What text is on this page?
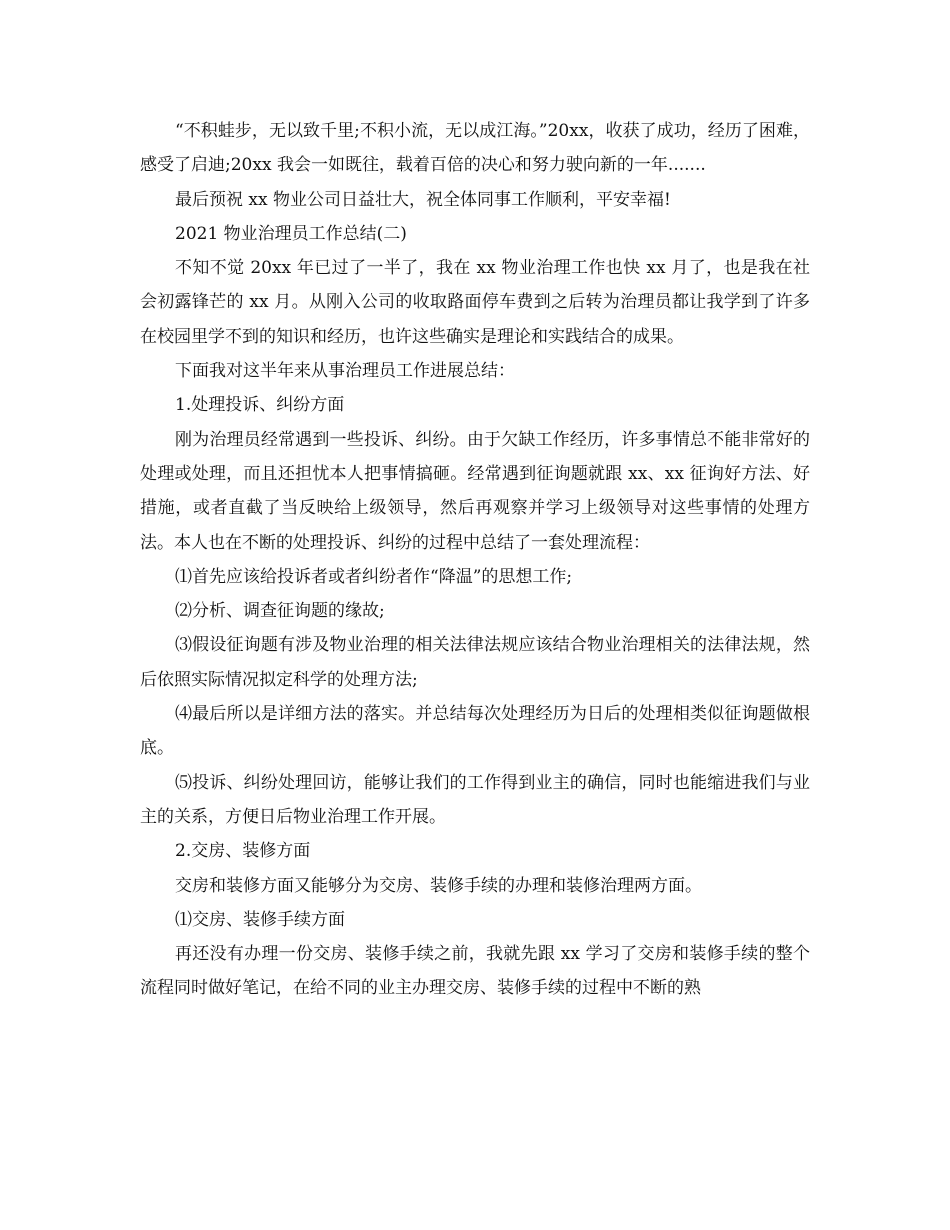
“不积蛙步，无以致千里;不积小流，无以成江海。”20xx，收获了成功，经历了困难，感受了启迪;20xx 我会一如既往，载着百倍的决心和努力驶向新的一年.......

最后预祝 xx 物业公司日益壮大，祝全体同事工作顺利，平安幸福!

2021 物业治理员工作总结(二)

不知不觉 20xx 年已过了一半了，我在 xx 物业治理工作也快 xx 月了，也是我在社会初露锋芒的 xx 月。从刚入公司的收取路面停车费到之后转为治理员都让我学到了许多在校园里学不到的知识和经历，也许这些确实是理论和实践结合的成果。

下面我对这半年来从事治理员工作进展总结：

1.处理投诉、纠纷方面

刚为治理员经常遇到一些投诉、纠纷。由于欠缺工作经历，许多事情总不能非常好的处理或处理，而且还担忧本人把事情搞砸。经常遇到征询题就跟 xx、xx 征询好方法、好措施，或者直截了当反映给上级领导，然后再观察并学习上级领导对这些事情的处理方法。本人也在不断的处理投诉、纠纷的过程中总结了一套处理流程：

⑴首先应该给投诉者或者纠纷者作“降温”的思想工作;

⑵分析、调查征询题的缘故;

⑶假设征询题有涉及物业治理的相关法律法规应该结合物业治理相关的法律法规，然后依照实际情况拟定科学的处理方法;

⑷最后所以是详细方法的落实。并总结每次处理经历为日后的处理相类似征询题做根底。

⑸投诉、纠纷处理回访，能够让我们的工作得到业主的确信，同时也能缩进我们与业主的关系，方便日后物业治理工作开展。

2.交房、装修方面

交房和装修方面又能够分为交房、装修手续的办理和装修治理两方面。

⑴交房、装修手续方面

再还没有办理一份交房、装修手续之前，我就先跟 xx 学习了交房和装修手续的整个流程同时做好笔记，在给不同的业主办理交房、装修手续的过程中不断的熟
